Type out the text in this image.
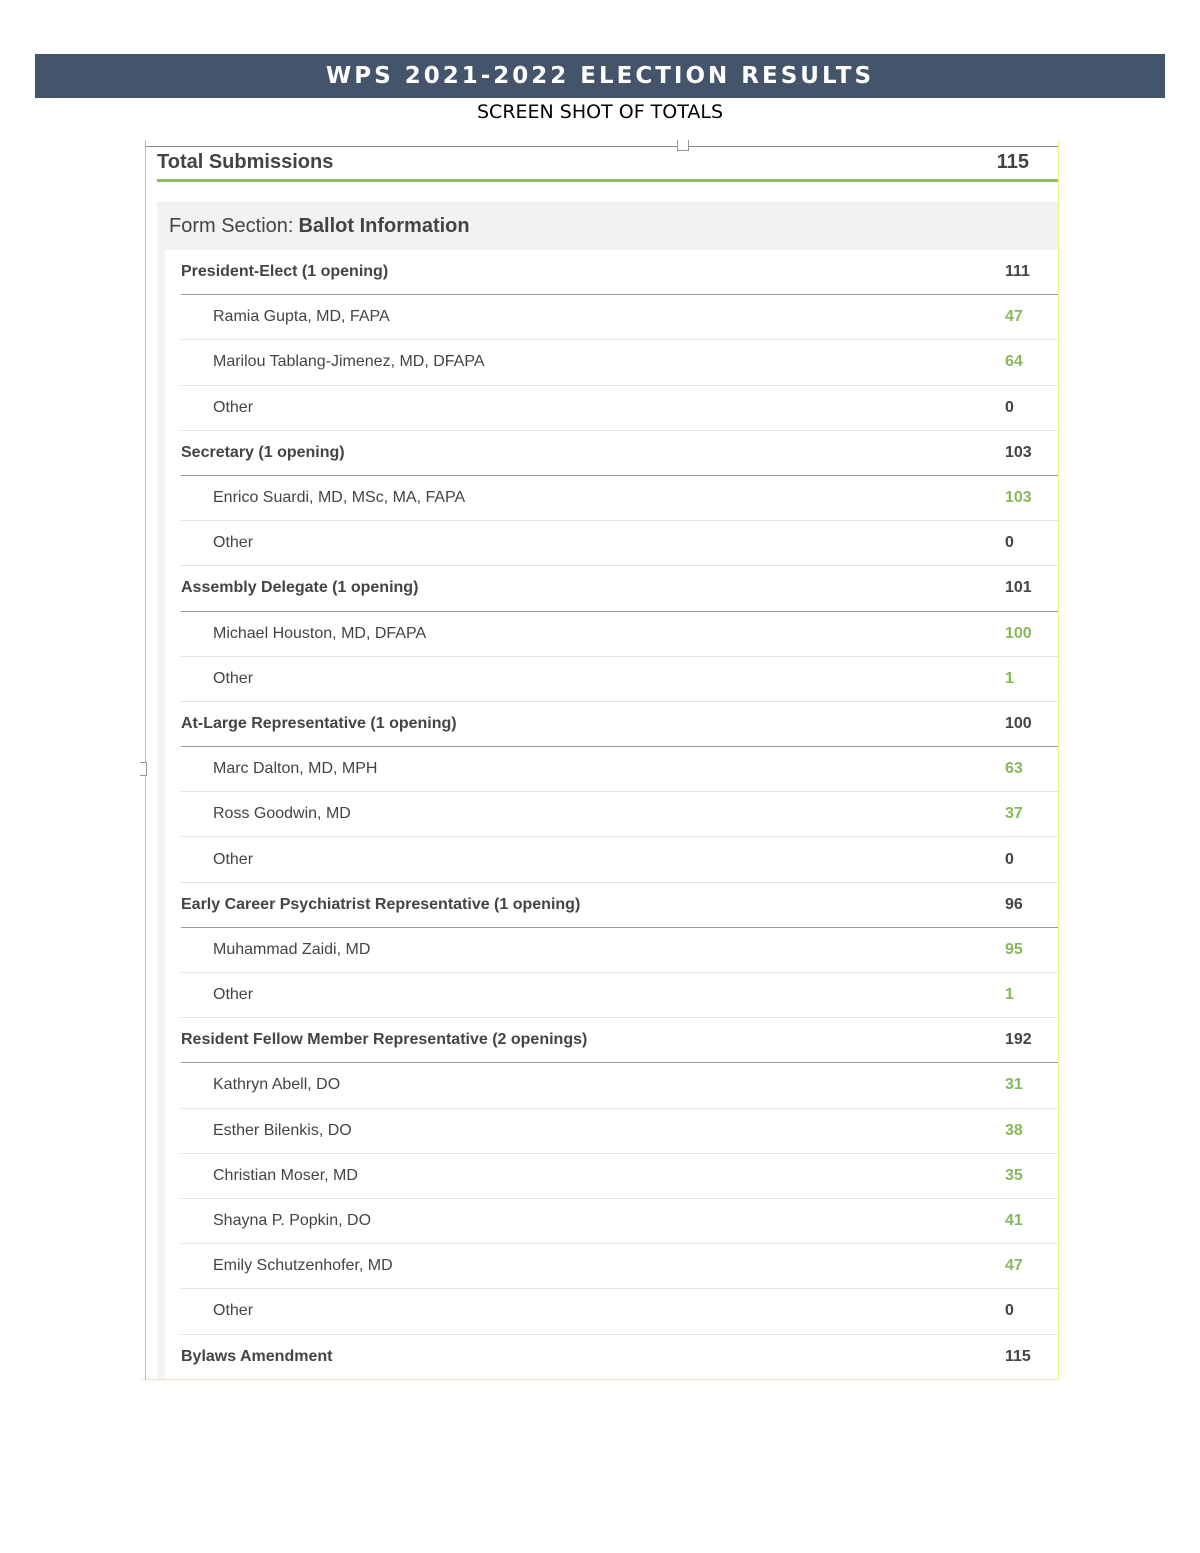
WPS 2021-2022 ELECTION RESULTS
SCREEN SHOT OF TOTALS
Total Submissions	115
Form Section: Ballot Information
President-Elect (1 opening)	111
Ramia Gupta, MD, FAPA	47
Marilou Tablang-Jimenez, MD, DFAPA	64
Other	0
Secretary (1 opening)	103
Enrico Suardi, MD, MSc, MA, FAPA	103
Other	0
Assembly Delegate (1 opening)	101
Michael Houston, MD, DFAPA	100
Other	1
At-Large Representative (1 opening)	100
Marc Dalton, MD, MPH	63
Ross Goodwin, MD	37
Other	0
Early Career Psychiatrist Representative (1 opening)	96
Muhammad Zaidi, MD	95
Other	1
Resident Fellow Member Representative (2 openings)	192
Kathryn Abell, DO	31
Esther Bilenkis, DO	38
Christian Moser, MD	35
Shayna P. Popkin, DO	41
Emily Schutzenhofer, MD	47
Other	0
Bylaws Amendment	115
